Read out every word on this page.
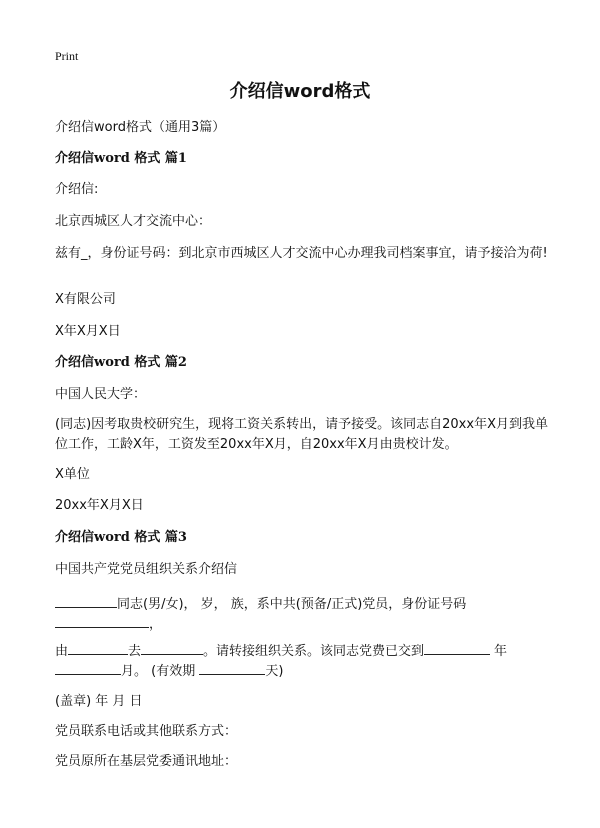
Print
介绍信word格式
介绍信word格式（通用3篇）
介绍信word 格式 篇1
介绍信:
北京西城区人才交流中心：
兹有_，身份证号码：到北京市西城区人才交流中心办理我司档案事宜，请予接洽为荷!
X有限公司
X年X月X日
介绍信word 格式 篇2
中国人民大学：
(同志)因考取贵校研究生，现将工资关系转出，请予接受。该同志自20xx年X月到我单位工作，工龄X年，工资发至20xx年X月，自20xx年X月由贵校计发。
X单位
20xx年X月X日
介绍信word 格式 篇3
中国共产党党员组织关系介绍信
同志(男/女)， 岁， 族，系中共(预备/正式)党员，身份证号码
，
由	去	。请转接组织关系。该同志党费已交到	年
月。 (有效期	天)
(盖章) 年 月 日
党员联系电话或其他联系方式：
党员原所在基层党委通讯地址：
